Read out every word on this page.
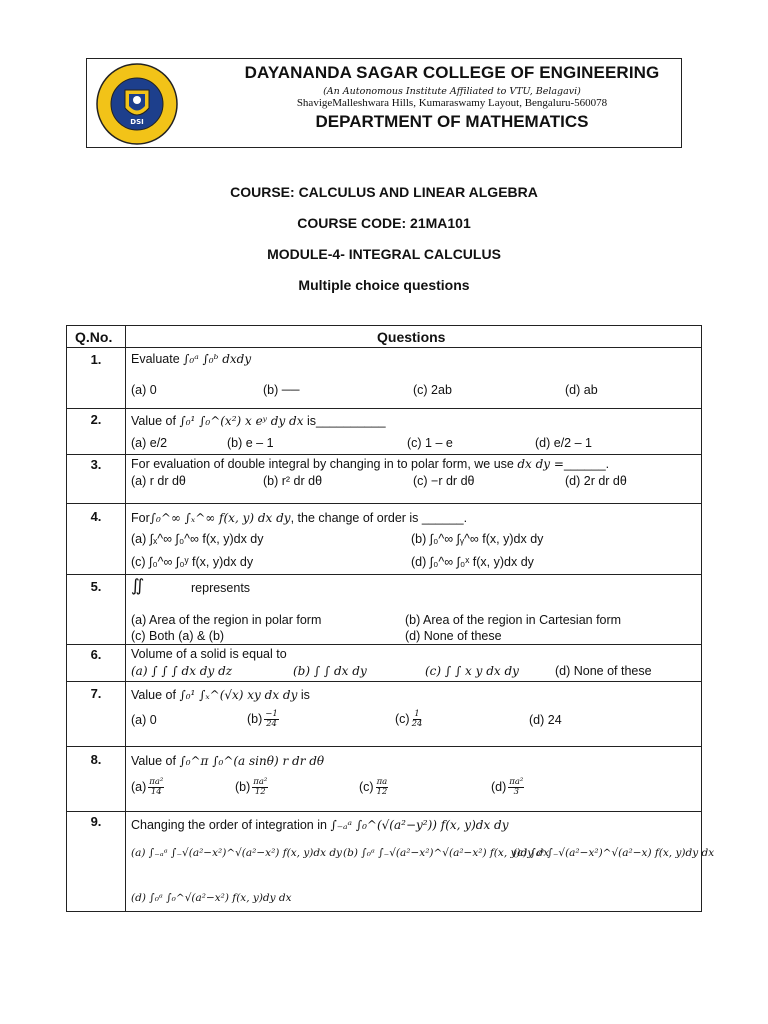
DSI
DAYANANDA SAGAR COLLEGE OF ENGINEERING
(An Autonomous Institute Affiliated to VTU, Belagavi)
ShavigeMalleshwara Hills, Kumaraswamy Layout, Bengaluru-560078
DEPARTMENT OF MATHEMATICS
COURSE: CALCULUS AND LINEAR ALGEBRA
COURSE CODE: 21MA101
MODULE-4- INTEGRAL CALCULUS
Multiple choice questions
Q.No.	Questions
1.	Evaluate ∫₀ᵃ ∫₀ᵇ dxdy
(a) 0	(b) ──	(c) 2ab	(d) ab
2.	Value of ∫₀¹ ∫₀^(x²) x eʸ dy dx is__________
(a) e/2	(b) e – 1	(c) 1 – e	(d) e/2 – 1
3.	For evaluation of double integral by changing in to polar form, we use dx dy =______.
(a) r dr dθ	(b) r² dr dθ	(c) −r dr dθ	(d) 2r dr dθ
4.	For∫₀^∞ ∫ₓ^∞ f(x, y) dx dy, the change of order is ______.
(a) ∫ₓ^∞ ∫₀^∞ f(x, y)dx dy	(b) ∫₀^∞ ∫ᵧ^∞ f(x, y)dx dy
(c) ∫₀^∞ ∫₀ʸ f(x, y)dx dy	(d) ∫₀^∞ ∫₀ˣ f(x, y)dx dy
5.	∬	represents
(a) Area of the region in polar form	(b) Area of the region in Cartesian form
(c) Both (a) & (b)	(d) None of these
6.	Volume of a solid is equal to
(a) ∫ ∫ ∫ dx dy dz	(b) ∫ ∫ dx dy	(c) ∫ ∫ x y dx dy	(d) None of these
7.	Value of ∫₀¹ ∫ₓ^(√x) xy dx dy is
(a) 0	$(b) \frac{-1}{24}$	$(c) \frac{1}{24}$	(d) 24
8.	Value of ∫₀^π ∫₀^(a sinθ) r dr dθ
$(a) \frac{\text{πa²}}{14}$	$(b) \frac{\text{πa²}}{12}$	$(c) \frac{\pi a}{12}$	$(d) \frac{\text{πa²}}{3}$
9.	Changing the order of integration in ∫₋ₐᵃ ∫₀^(√(a²−y²)) f(x, y)dx dy
(a) ∫₋ₐᵃ ∫₋√(a²−x²)^√(a²−x²) f(x, y)dx dy (b) ∫₀ᵃ ∫₋√(a²−x²)^√(a²−x²) f(x, y)dy dx
(c) ∫₀ᵃ ∫₋√(a²−x²)^√(a²−x) f(x, y)dy dx
(d) ∫₀ᵃ ∫₀^√(a²−x²) f(x, y)dy dx
